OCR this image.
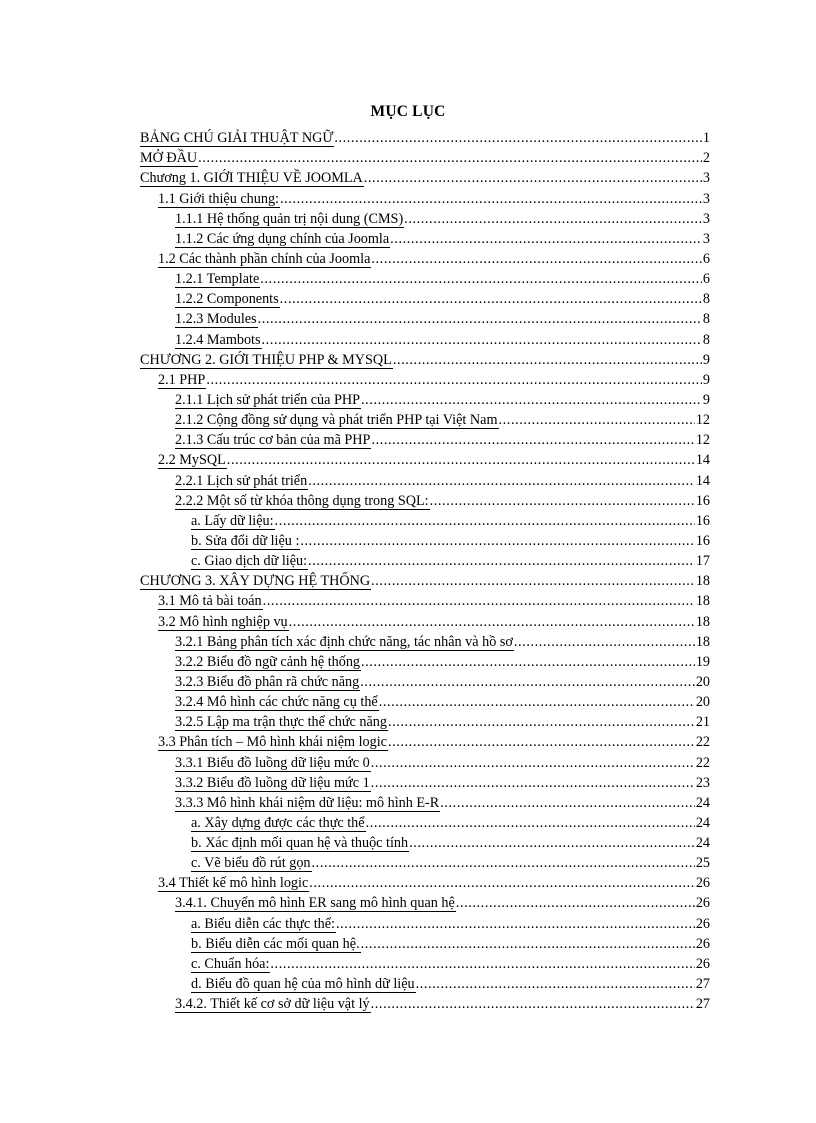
MỤC LỤC
BẢNG CHÚ GIẢI THUẬT NGỮ .....	1
MỞ ĐẦU .....	2
Chương 1. GIỚI THIỆU VỀ JOOMLA .....	3
1.1 Giới thiệu chung: .....	3
1.1.1 Hệ thống quản trị nội dung (CMS) .....	3
1.1.2 Các ứng dụng chính của Joomla .....	3
1.2 Các thành phần chính của Joomla .....	6
1.2.1 Template .....	6
1.2.2 Components .....	8
1.2.3 Modules .....	8
1.2.4 Mambots .....	8
CHƯƠNG 2. GIỚI THIỆU PHP & MYSQL .....	9
2.1 PHP .....	9
2.1.1 Lịch sử phát triển của PHP .....	9
2.1.2 Cộng đồng sử dụng và phát triển PHP tại Việt Nam .....	12
2.1.3 Cấu trúc cơ bản của mã PHP .....	12
2.2 MySQL .....	14
2.2.1 Lịch sử phát triển .....	14
2.2.2 Một số từ khóa thông dụng trong SQL: .....	16
a. Lấy dữ liệu: .....	16
b. Sửa đổi dữ liệu : .....	16
c. Giao dịch dữ liệu: .....	17
CHƯƠNG 3. XÂY DỰNG HỆ THỐNG .....	18
3.1 Mô tả bài toán .....	18
3.2 Mô hình nghiệp vụ .....	18
3.2.1 Bảng phân tích xác định chức năng, tác nhân và hồ sơ .....	18
3.2.2 Biểu đồ ngữ cảnh hệ thống .....	19
3.2.3 Biểu đồ phân rã chức năng .....	20
3.2.4 Mô hình các chức năng cụ thể .....	20
3.2.5 Lập ma trận thực thể chức năng .....	21
3.3 Phân tích – Mô hình khái niệm logic .....	22
3.3.1 Biểu đồ luồng dữ liệu mức 0 .....	22
3.3.2 Biểu đồ luồng dữ liệu mức 1 .....	23
3.3.3 Mô hình khái niệm dữ liệu: mô hình E-R .....	24
a. Xây dựng được các thực thể .....	24
b. Xác định mối quan hệ và thuộc tính .....	24
c. Vẽ biểu đồ rút gọn .....	25
3.4 Thiết kế mô hình logic .....	26
3.4.1. Chuyển mô hình ER sang mô hình quan hệ .....	26
a. Biểu diễn các thực thể: .....	26
b. Biểu diễn các mối quan hệ. .....	26
c. Chuẩn hóa: .....	26
d. Biểu đồ quan hệ của mô hình dữ liệu .....	27
3.4.2. Thiết kế cơ sở dữ liệu vật lý .....	27
